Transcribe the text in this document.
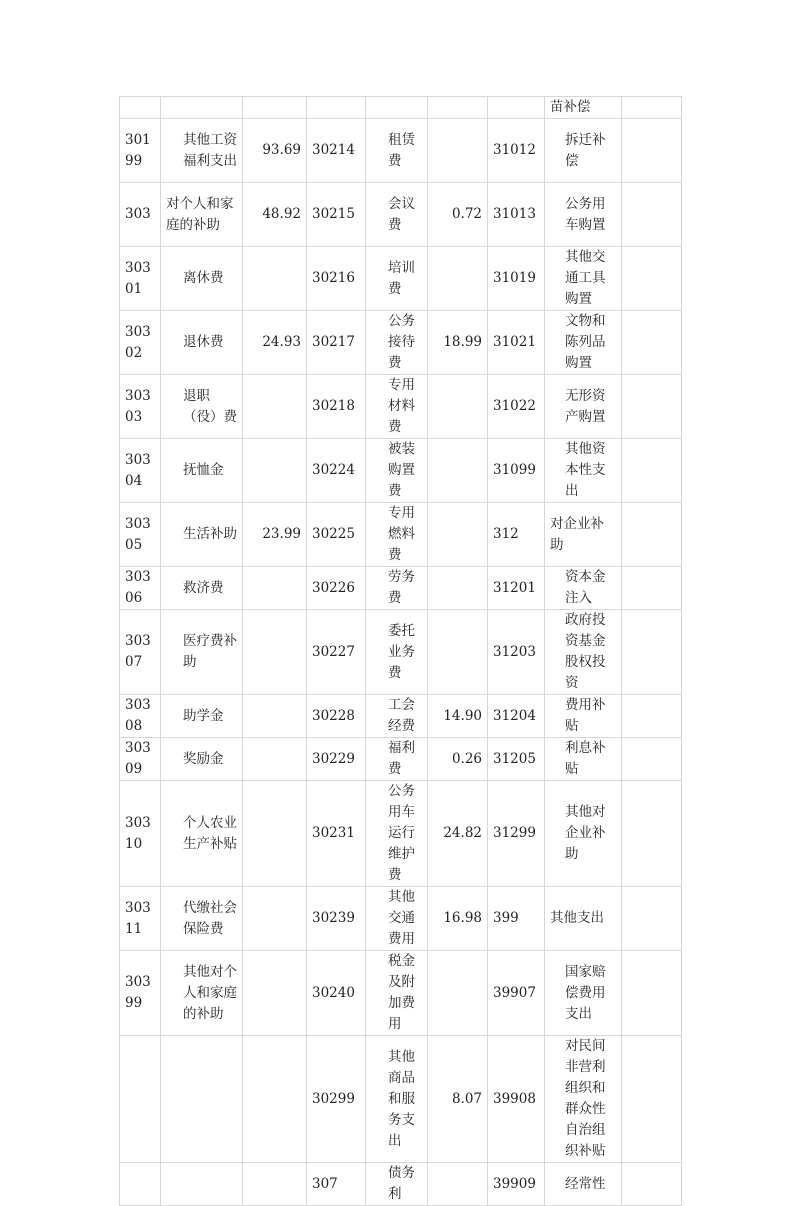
							苗补偿	
30199	其他工资福利支出	93.69	30214	租赁费		31012	拆迁补偿	
303	对个人和家庭的补助	48.92	30215	会议费	0.72	31013	公务用车购置	
30301	离休费		30216	培训费		31019	其他交通工具购置	
30302	退休费	24.93	30217	公务接待费	18.99	31021	文物和陈列品购置	
30303	退职（役）费		30218	专用材料费		31022	无形资产购置	
30304	抚恤金		30224	被装购置费		31099	其他资本性支出	
30305	生活补助	23.99	30225	专用燃料费		312	对企业补助	
30306	救济费		30226	劳务费		31201	资本金注入	
30307	医疗费补助		30227	委托业务费		31203	政府投资基金股权投资	
30308	助学金		30228	工会经费	14.90	31204	费用补贴	
30309	奖励金		30229	福利费	0.26	31205	利息补贴	
30310	个人农业生产补贴		30231	公务用车运行维护费	24.82	31299	其他对企业补助	
30311	代缴社会保险费		30239	其他交通费用	16.98	399	其他支出	
30399	其他对个人和家庭的补助		30240	税金及附加费用		39907	国家赔偿费用支出	
			30299	其他商品和服务支出	8.07	39908	对民间非营利组织和群众性自治组织补贴	
			307	债务利		39909	经常性	
